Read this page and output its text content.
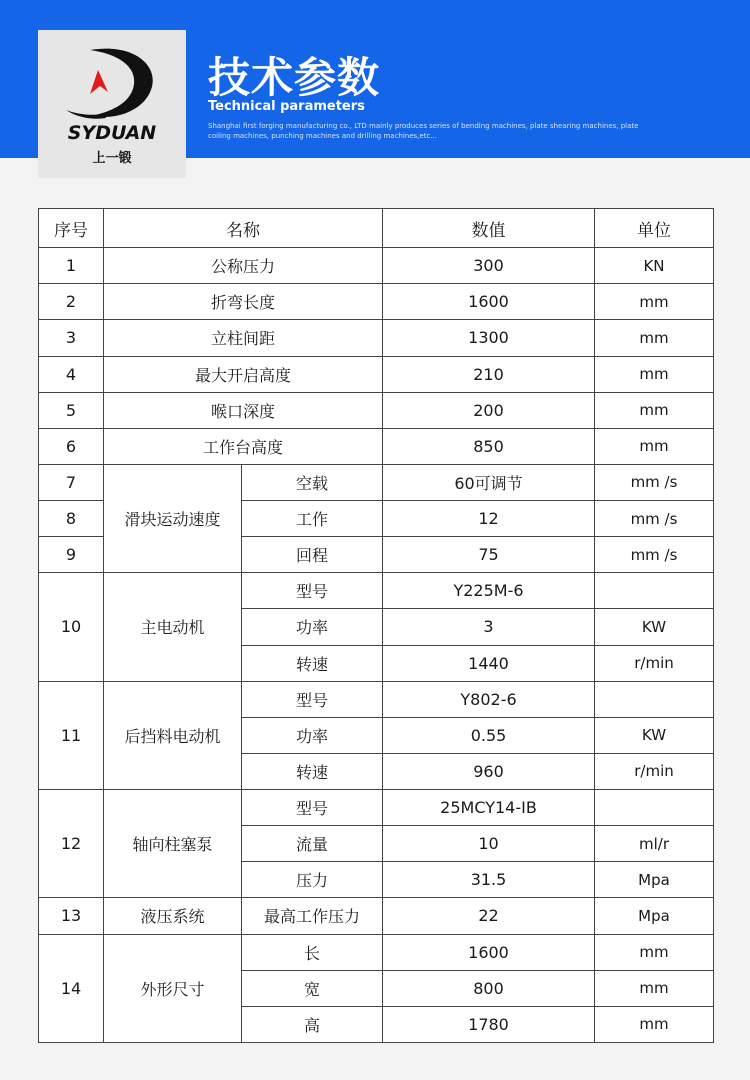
SYDUAN
上一锻
技术参数
Technical parameters
Shanghai first forging manufacturing co., LTD mainly produces series of bending machines, plate shearing machines, plate coiling machines, punching machines and drilling machines,etc...
序号	名称		数值	单位
1	公称压力		300	KN
2	折弯长度		1600	mm
3	立柱间距		1300	mm
4	最大开启高度		210	mm
5	喉口深度		200	mm
6	工作台高度		850	mm
7	滑块运动速度	空载	60可调节	mm /s
8		工作	12	mm /s
9		回程	75	mm /s
10	主电动机	型号	Y225M-6	
		功率	3	KW
		转速	1440	r/min
11	后挡料电动机	型号	Y802-6	
		功率	0.55	KW
		转速	960	r/min
12	轴向柱塞泵	型号	25MCY14-IB	
		流量	10	ml/r
		压力	31.5	Mpa
13	液压系统	最高工作压力	22	Mpa
14	外形尺寸	长	1600	mm
		宽	800	mm
		高	1780	mm
